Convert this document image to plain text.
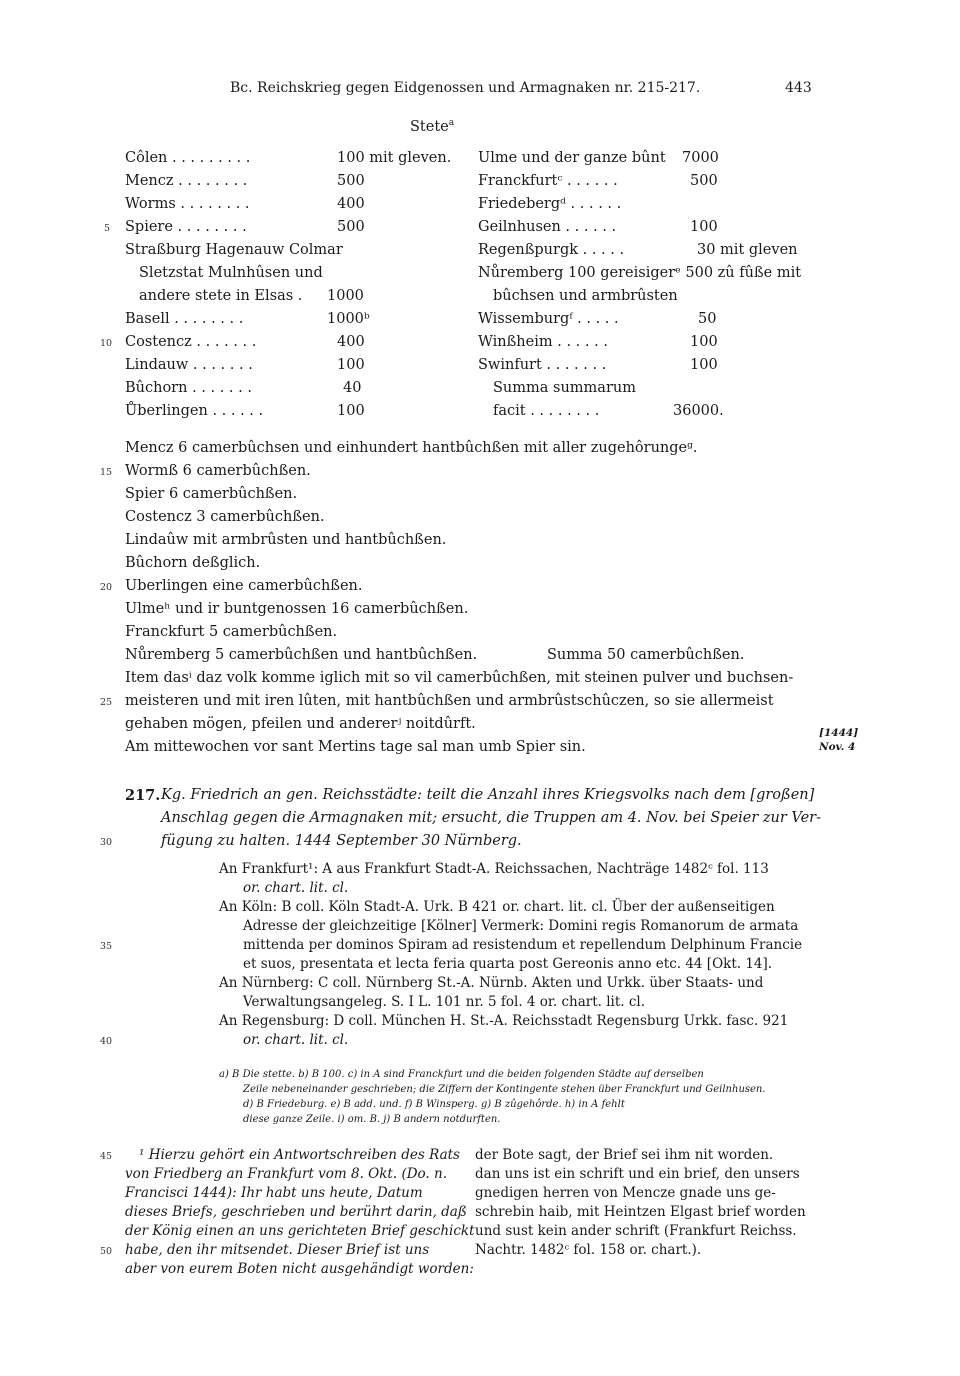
Bc. Reichskrieg gegen Eidgenossen und Armagnaken nr. 215-217.	443
Stete$^a$
Côlen . . . . . . . . .	100 mit gleven.
Mencz . . . . . . . .	500
Worms . . . . . . . .	400
Spiere . . . . . . . .	500
Straßburg Hagenauw Colmar
Sletzstat Mulnhûsen und
andere stete in Elsas . 1000
Basell . . . . . . . .	1000ᵇ
Costencz . . . . . . .	400
Lindauw . . . . . . .	100
Bûchorn . . . . . . .	40
Ůberlingen . . . . . .	100
Ulme und der ganze bûnt 7000
Franckfurtᶜ . . . . . .	500
Friedebergᵈ . . . . . .
Geilnhusen . . . . . .	100
Regenßpurgk . . . . .	30 mit gleven
Nůremberg 100 gereisigerᵉ 500 zû fûße mit
bûchsen und armbrûsten
Wissemburgᶠ . . . . .	50
Winßheim . . . . . .	100
Swinfurt . . . . . . .	100
Summa summarum
facit . . . . . . . .	36000.
Mencz 6 camerbûchsen und einhundert hantbûchßen mit aller zugehôrungeᵍ.
Wormß 6 camerbûchßen.
Spier 6 camerbûchßen.
Costencz 3 camerbûchßen.
Lindaûw mit armbrûsten und hantbûchßen.
Bûchorn deßglich.
Uberlingen eine camerbûchßen.
Ulmeʰ und ir buntgenossen 16 camerbûchßen.
Franckfurt 5 camerbûchßen.
Nůremberg 5 camerbûchßen und hantbûchßen.	Summa 50 camerbûchßen.
Item dasⁱ daz volk komme iglich mit so vil camerbûchßen, mit steinen pulver und buchsen-
meisteren und mit iren lûten, mit hantbûchßen und armbrûstschûczen, so sie allermeist
gehaben mögen, pfeilen und andererʲ noitdûrft.
Am mittewochen vor sant Mertins tage sal man umb Spier sin.
[1444]
Nov. 4
217. Kg. Friedrich an gen. Reichsstädte: teilt die Anzahl ihres Kriegsvolks nach dem [großen]
Anschlag gegen die Armagnaken mit; ersucht, die Truppen am 4. Nov. bei Speier zur Ver-
fügung zu halten. 1444 September 30 Nürnberg.
An Frankfurt¹: A aus Frankfurt Stadt-A. Reichssachen, Nachträge 1482ᶜ fol. 113
or. chart. lit. cl.
An Köln: B coll. Köln Stadt-A. Urk. B 421 or. chart. lit. cl. Über der außenseitigen
Adresse der gleichzeitige [Kölner] Vermerk: Domini regis Romanorum de armata
mittenda per dominos Spiram ad resistendum et repellendum Delphinum Francie
et suos, presentata et lecta feria quarta post Gereonis anno etc. 44 [Okt. 14].
An Nürnberg: C coll. Nürnberg St.-A. Nürnb. Akten und Urkk. über Staats- und
Verwaltungsangeleg. S. I L. 101 nr. 5 fol. 4 or. chart. lit. cl.
An Regensburg: D coll. München H. St.-A. Reichsstadt Regensburg Urkk. fasc. 921
or. chart. lit. cl.
a) B Die stette. b) B 100. c) in A sind Franckfurt und die beiden folgenden Städte auf derselben
Zeile nebeneinander geschrieben; die Ziffern der Kontingente stehen über Franckfurt und Geilnhusen.
d) B Friedeburg. e) B add. und. f) B Winsperg. g) B zûgehôrde. h) in A fehlt
diese ganze Zeile. i) om. B. j) B andern notdurften.
¹ Hierzu gehört ein Antwortschreiben des Rats
von Friedberg an Frankfurt vom 8. Okt. (Do. n.
Francisci 1444): Ihr habt uns heute, Datum
dieses Briefs, geschrieben und berührt darin, daß
der König einen an uns gerichteten Brief geschickt
habe, den ihr mitsendet. Dieser Brief ist uns
aber von eurem Boten nicht ausgehändigt worden:
der Bote sagt, der Brief sei ihm nit worden.
dan uns ist ein schrift und ein brief, den unsers
gnedigen herren von Mencze gnade uns ge-
schrebin haib, mit Heintzen Elgast brief worden
und sust kein ander schrift (Frankfurt Reichss.
Nachtr. 1482ᶜ fol. 158 or. chart.).
5
10
15
20
25
30
35
40
45
50
